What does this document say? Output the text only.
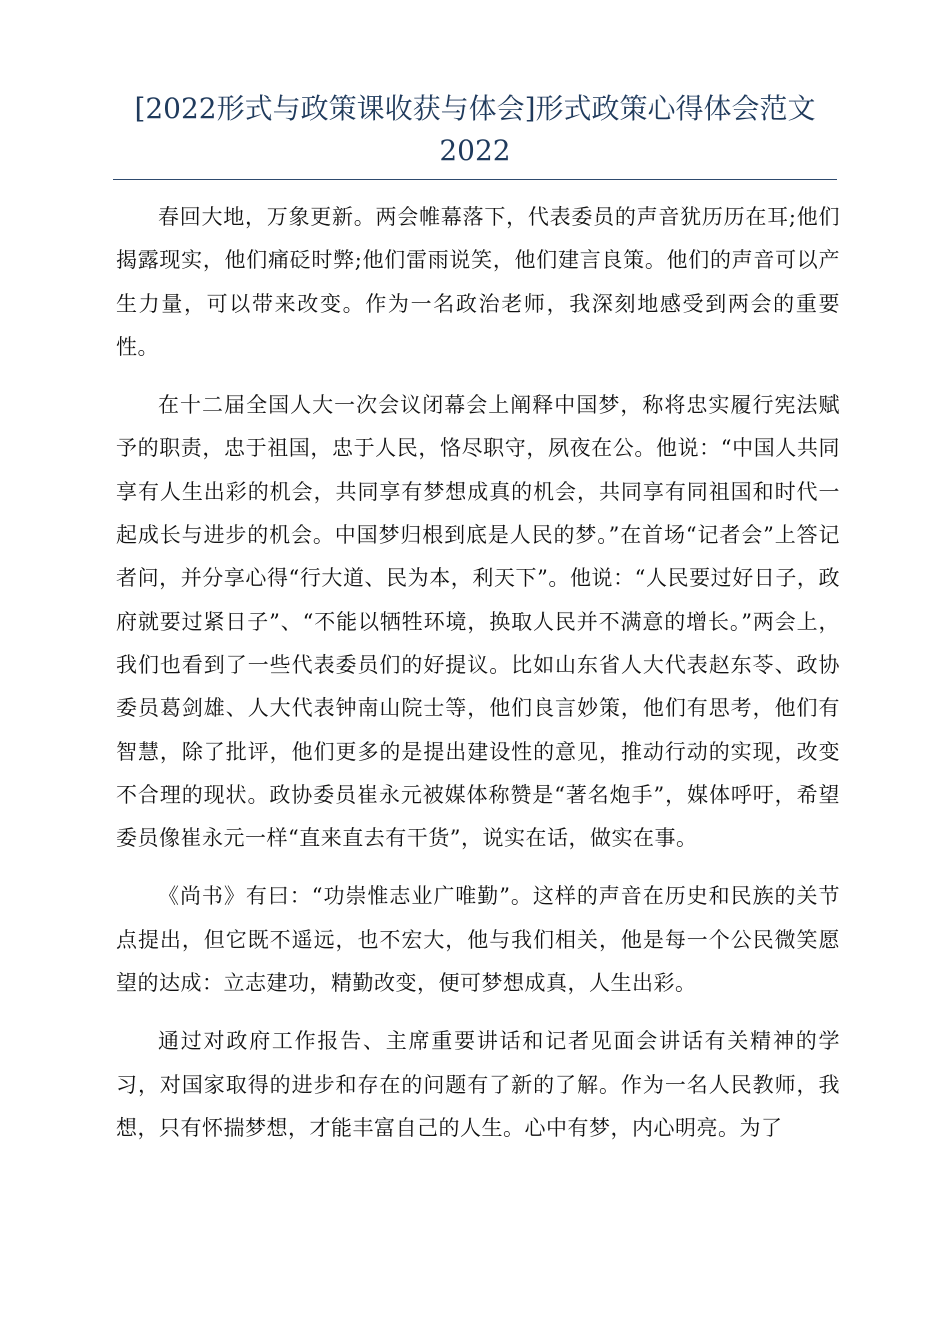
[2022形式与政策课收获与体会]形式政策心得体会范文2022

春回大地，万象更新。两会帷幕落下，代表委员的声音犹历历在耳;他们揭露现实，他们痛砭时弊;他们雷雨说笑，他们建言良策。他们的声音可以产生力量，可以带来改变。作为一名政治老师，我深刻地感受到两会的重要性。

在十二届全国人大一次会议闭幕会上阐释中国梦，称将忠实履行宪法赋予的职责，忠于祖国，忠于人民，恪尽职守，夙夜在公。他说：“中国人共同享有人生出彩的机会，共同享有梦想成真的机会，共同享有同祖国和时代一起成长与进步的机会。中国梦归根到底是人民的梦。”在首场“记者会”上答记者问，并分享心得“行大道、民为本，利天下”。他说：“人民要过好日子，政府就要过紧日子”、“不能以牺牲环境，换取人民并不满意的增长。”两会上，我们也看到了一些代表委员们的好提议。比如山东省人大代表赵东苓、政协委员葛剑雄、人大代表钟南山院士等，他们良言妙策，他们有思考，他们有智慧，除了批评，他们更多的是提出建设性的意见，推动行动的实现，改变不合理的现状。政协委员崔永元被媒体称赞是“著名炮手”，媒体呼吁，希望委员像崔永元一样“直来直去有干货”，说实在话，做实在事。

《尚书》有曰：“功崇惟志业广唯勤”。这样的声音在历史和民族的关节点提出，但它既不遥远，也不宏大，他与我们相关，他是每一个公民微笑愿望的达成：立志建功，精勤改变，便可梦想成真，人生出彩。

通过对政府工作报告、主席重要讲话和记者见面会讲话有关精神的学习，对国家取得的进步和存在的问题有了新的了解。作为一名人民教师，我想，只有怀揣梦想，才能丰富自己的人生。心中有梦，内心明亮。为了
